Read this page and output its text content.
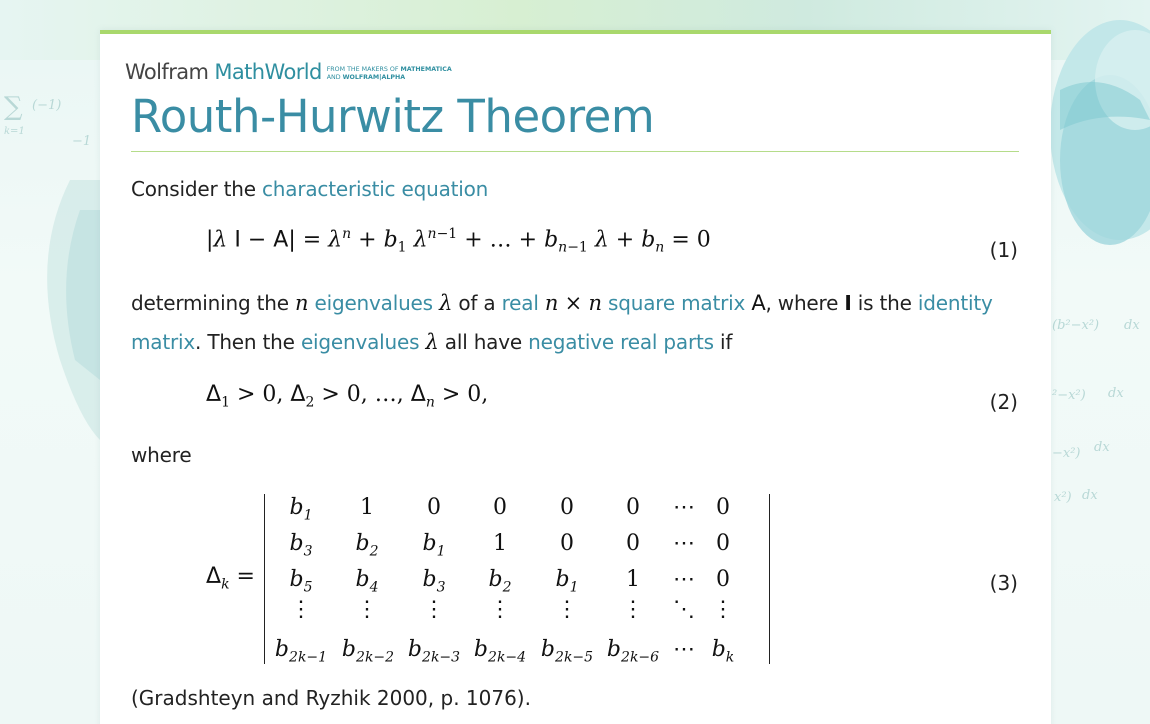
∑ (−1)
k=1
−1
(b²−x²) dx
²−x²) dx
−x²) dx
x²) dx
Wolfram MathWorld FROM THE MAKERS OF MATHEMATICA
AND WOLFRAM|ALPHA
Routh-Hurwitz Theorem
Consider the characteristic equation
|λ $I - A| = \lambda^n + b_1$ $\lambda^{n-1}$ + … + $b_{n-1}$ $\lambda + b_n = 0$	(1)
determining the n eigenvalues λ of a real n × n square matrix A, where I is the identity
matrix. Then the eigenvalues λ all have negative real parts if
$\Delta_1 > 0$, $\Delta_2 > 0$, …, $\Delta_n > 0$,	(2)
where
$\Delta_k$ =
$b_1$	1	0	0	0	0	⋯ 0
$b_3$	$b_2$	$b_1$	1	0	0	⋯ 0
$b_5$	$b_4$	$b_3$	$b_2$	$b_1$	1	⋯ 0
⋮	⋮	⋮	⋮	⋮	⋮	⋱ ⋮
$b_{2k-1}$ $b_{2k-2}$ $b_{2k-3}$ $b_{2k-4}$ $b_{2k-5}$ $b_{2k-6}$ ⋯ $b_k$
(3)
(Gradshteyn and Ryzhik 2000, p. 1076).
